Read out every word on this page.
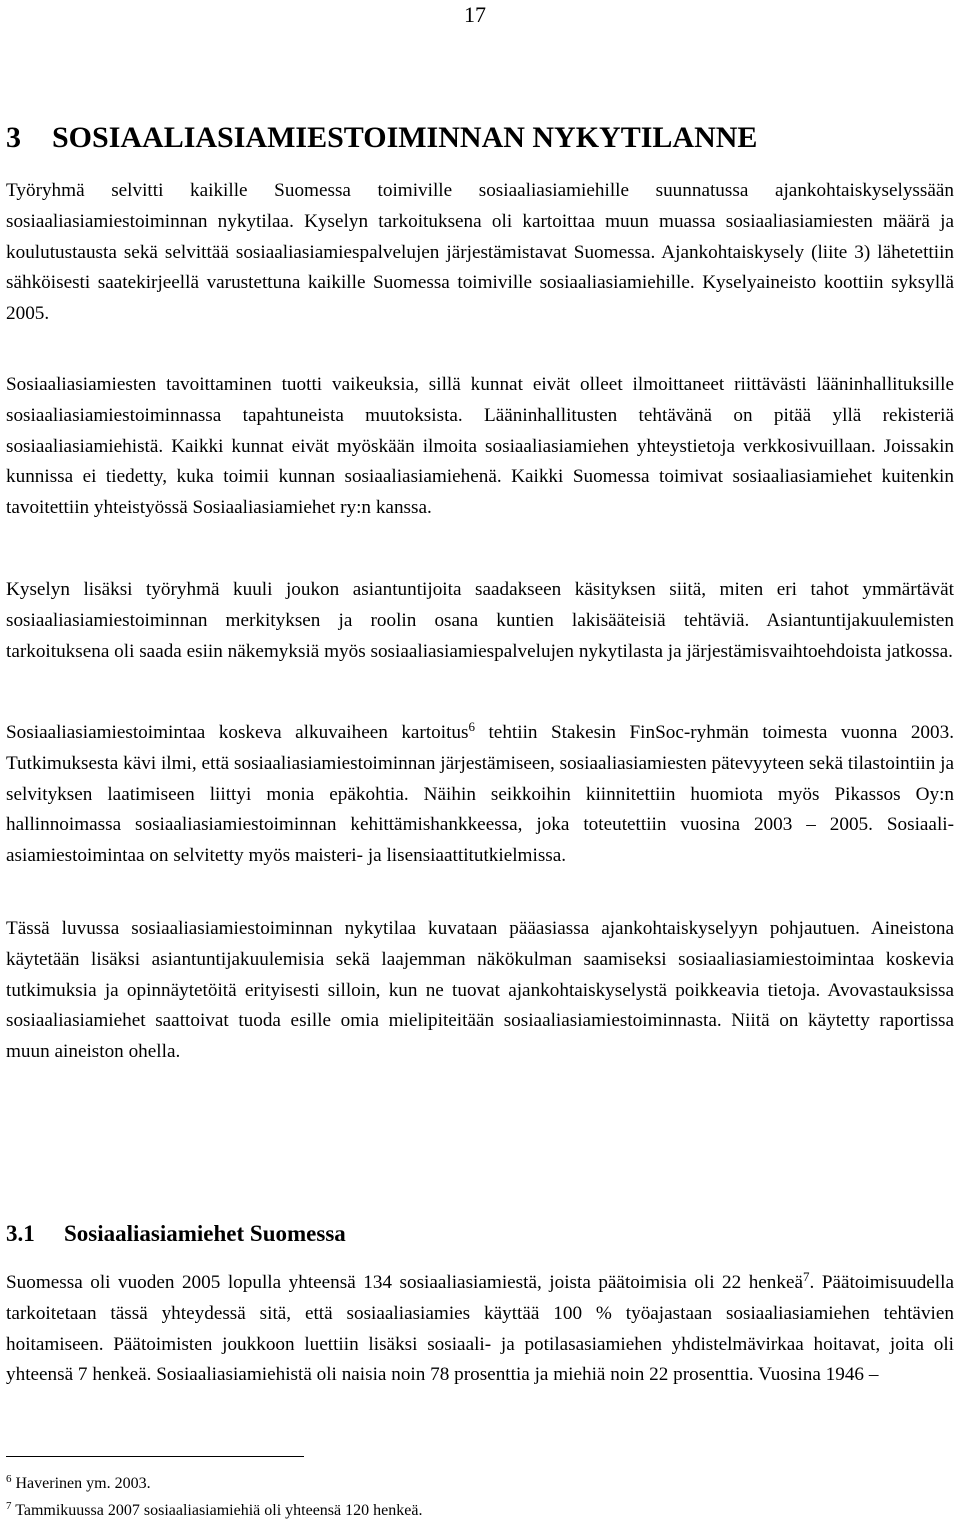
17
3 SOSIAALIASIAMIESTOIMINNAN NYKYTILANNE

Työryhmä selvitti kaikille Suomessa toimiville sosiaaliasiamiehille suunnatussa ajankohtaiskyselyssään sosiaaliasiamiestoiminnan nykytilaa. Kyselyn tarkoituksena oli kartoittaa muun muassa sosiaaliasiamiesten määrä ja koulutustausta sekä selvittää sosiaaliasiamiespalvelujen järjestämistavat Suomessa. Ajankohtaiskysely (liite 3) lähetettiin sähköisesti saatekirjeellä varustettuna kaikille Suomessa toimiville sosiaaliasiamiehille. Kyselyaineisto koottiin syksyllä 2005.

Sosiaaliasiamiesten tavoittaminen tuotti vaikeuksia, sillä kunnat eivät olleet ilmoittaneet riittävästi lääninhallituksille sosiaaliasiamiestoiminnassa tapahtuneista muutoksista. Lääninhallitusten tehtävänä on pitää yllä rekisteriä sosiaaliasiamiehistä. Kaikki kunnat eivät myöskään ilmoita sosiaaliasiamiehen yhteystietoja verkkosivuillaan. Joissakin kunnissa ei tiedetty, kuka toimii kunnan sosiaaliasiamiehenä. Kaikki Suomessa toimivat sosiaaliasiamiehet kuitenkin tavoitettiin yhteistyössä Sosiaaliasiamiehet ry:n kanssa.

Kyselyn lisäksi työryhmä kuuli joukon asiantuntijoita saadakseen käsityksen siitä, miten eri tahot ymmärtävät sosiaaliasiamiestoiminnan merkityksen ja roolin osana kuntien lakisääteisiä tehtäviä. Asiantuntijakuulemisten tarkoituksena oli saada esiin näkemyksiä myös sosiaaliasiamiespalvelujen nykytilasta ja järjestämisvaihtoehdoista jatkossa.

Sosiaaliasiamiestoimintaa koskeva alkuvaiheen kartoitus$^6$ tehtiin Stakesin FinSoc-ryhmän toimesta vuonna 2003. Tutkimuksesta kävi ilmi, että sosiaaliasiamiestoiminnan järjestämiseen, sosiaaliasiamiesten pätevyyteen sekä tilastointiin ja selvityksen laatimiseen liittyi monia epäkohtia. Näihin seikkoihin kiinnitettiin huomiota myös Pikassos Oy:n hallinnoimassa sosiaaliasiamiestoiminnan kehittämishankkeessa, joka toteutettiin vuosina 2003 – 2005. Sosiaaliasiamiestoimintaa on selvitetty myös maisteri- ja lisensiaattitutkielmissa.

Tässä luvussa sosiaaliasiamiestoiminnan nykytilaa kuvataan pääasiassa ajankohtaiskyselyyn pohjautuen. Aineistona käytetään lisäksi asiantuntijakuulemisia sekä laajemman näkökulman saamiseksi sosiaaliasiamiestoimintaa koskevia tutkimuksia ja opinnäytetöitä erityisesti silloin, kun ne tuovat ajankohtaiskyselystä poikkeavia tietoja. Avovastauksissa sosiaaliasiamiehet saattoivat tuoda esille omia mielipiteitään sosiaaliasiamiestoiminnasta. Niitä on käytetty raportissa muun aineiston ohella.

3.1 Sosiaaliasiamiehet Suomessa

Suomessa oli vuoden 2005 lopulla yhteensä 134 sosiaaliasiamiestä, joista päätoimisia oli 22 henkeä$^7$. Päätoimisuudella tarkoitetaan tässä yhteydessä sitä, että sosiaaliasiamies käyttää 100 % työajastaan sosiaaliasiamiehen tehtävien hoitamiseen. Päätoimisten joukkoon luettiin lisäksi sosiaali- ja potilasasiamiehen yhdistelmävirkaa hoitavat, joita oli yhteensä 7 henkeä. Sosiaaliasiamiehistä oli naisia noin 78 prosenttia ja miehiä noin 22 prosenttia. Vuosina 1946 –

$^6$ Haverinen ym. 2003.

$^7$ Tammikuussa 2007 sosiaaliasiamiehiä oli yhteensä 120 henkeä.
